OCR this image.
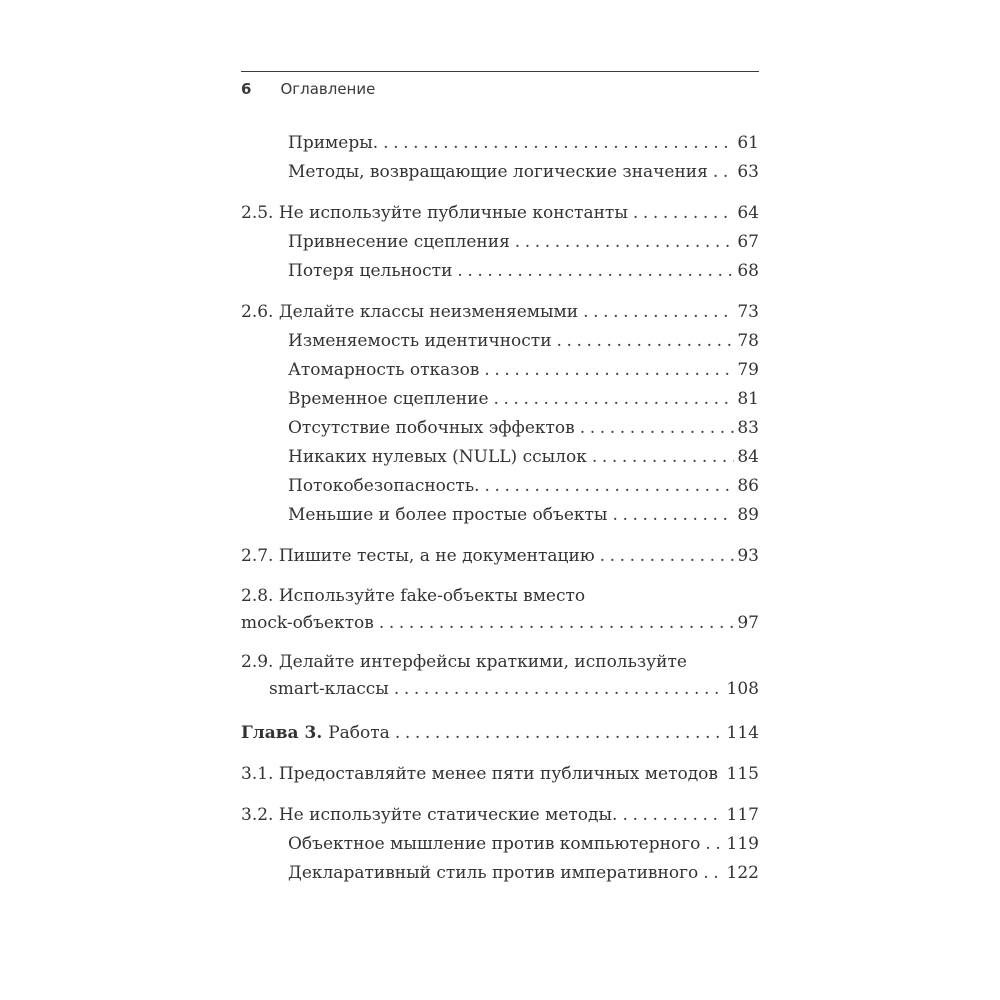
6 Оглавление
Примеры. .....	61
Методы, возвращающие логические значения ..... 63
2.5. Не используйте публичные константы .....	64
Привнесение сцепления .....	67
Потеря цельности .....	68
2.6. Делайте классы неизменяемыми .....	73
Изменяемость идентичности .....	78
Атомарность отказов .....	79
Временное сцепление .....	81
Отсутствие побочных эффектов .....	83
Никаких нулевых (NULL) ссылок .....	84
Потокобезопасность. .....	86
Меньшие и более простые объекты .....	89
2.7. Пишите тесты, а не документацию .....	93
2.8. Используйте fake-объекты вместо
mock-объектов .....	97
2.9. Делайте интерфейсы краткими, используйте
smart-классы .....	108
Глава 3. Работа .....	114
3.1. Предоставляйте менее пяти публичных методов ..... 115
3.2. Не используйте статические методы. .....	117
Объектное мышление против компьютерного ..... 119
Декларативный стиль против императивного ..... 122
